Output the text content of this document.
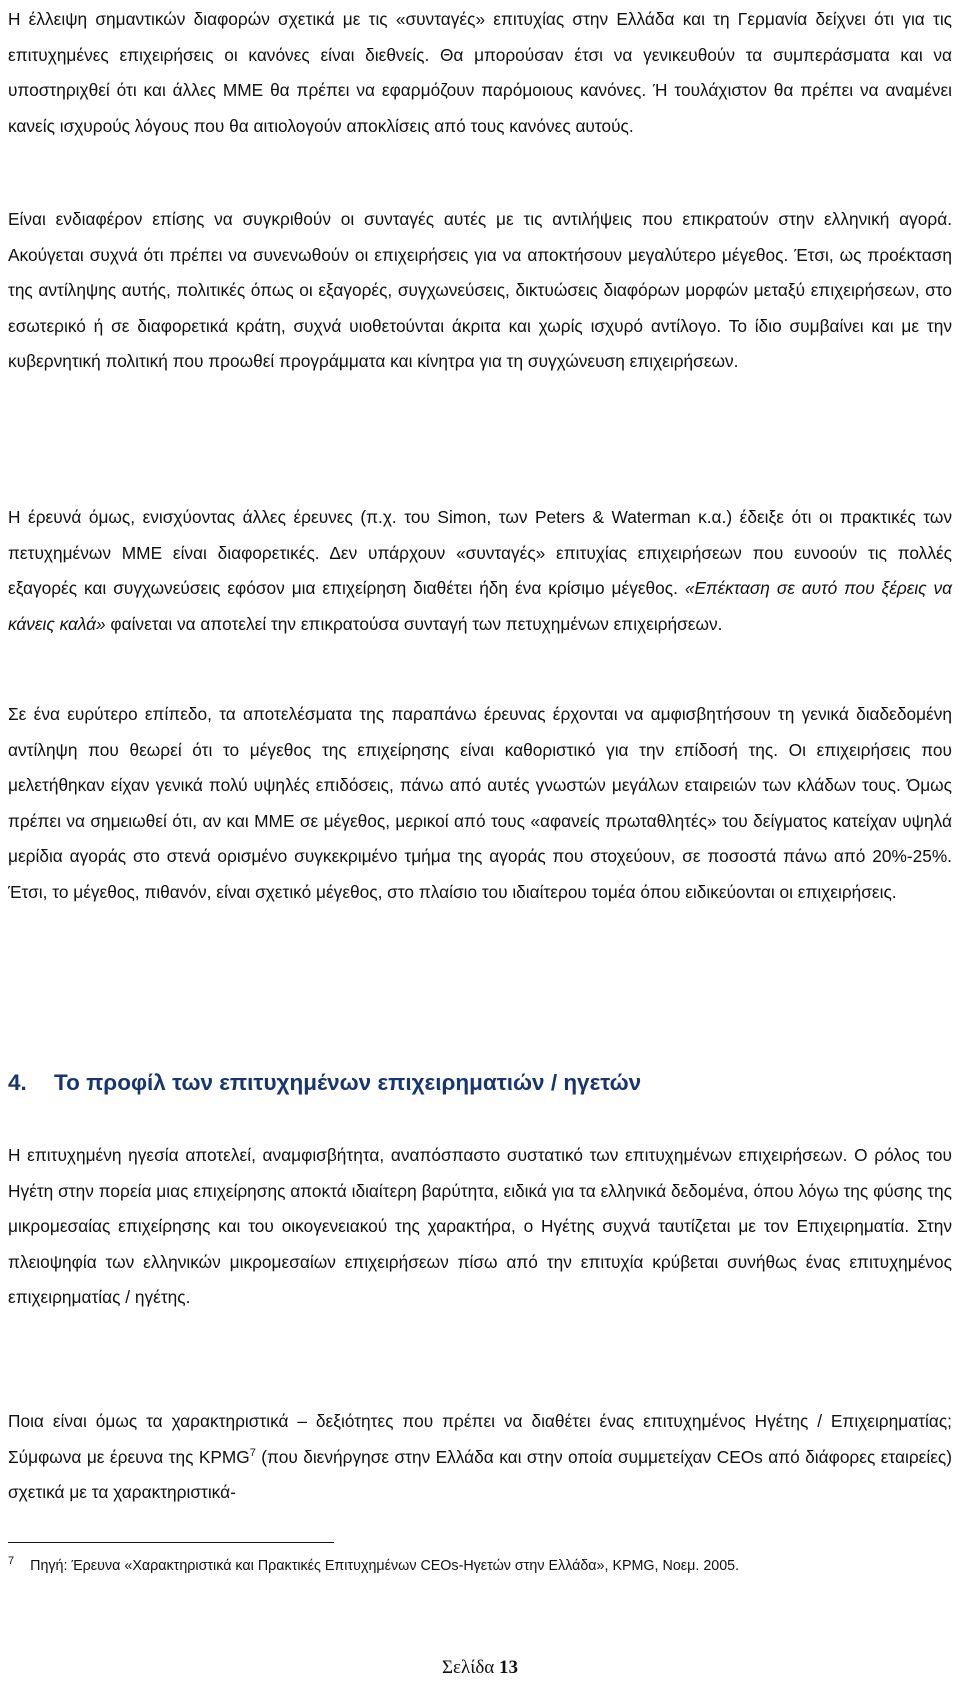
Η έλλειψη σημαντικών διαφορών σχετικά με τις «συνταγές» επιτυχίας στην Ελλάδα και τη Γερμανία δείχνει ότι για τις επιτυχημένες επιχειρήσεις οι κανόνες είναι διεθνείς. Θα μπορούσαν έτσι να γενικευθούν τα συμπεράσματα και να υποστηριχθεί ότι και άλλες ΜΜΕ θα πρέπει να εφαρμόζουν παρόμοιους κανόνες. Ή τουλάχιστον θα πρέπει να αναμένει κανείς ισχυρούς λόγους που θα αιτιολογούν αποκλίσεις από τους κανόνες αυτούς.

Είναι ενδιαφέρον επίσης να συγκριθούν οι συνταγές αυτές με τις αντιλήψεις που επικρατούν στην ελληνική αγορά. Ακούγεται συχνά ότι πρέπει να συνενωθούν οι επιχειρήσεις για να αποκτήσουν μεγαλύτερο μέγεθος. Έτσι, ως προέκταση της αντίληψης αυτής, πολιτικές όπως οι εξαγορές, συγχωνεύσεις, δικτυώσεις διαφόρων μορφών μεταξύ επιχειρήσεων, στο εσωτερικό ή σε διαφορετικά κράτη, συχνά υιοθετούνται άκριτα και χωρίς ισχυρό αντίλογο. Το ίδιο συμβαίνει και με την κυβερνητική πολιτική που προωθεί προγράμματα και κίνητρα για τη συγχώνευση επιχειρήσεων.

Η έρευνά όμως, ενισχύοντας άλλες έρευνες (π.χ. του Simon, των Peters & Waterman κ.α.) έδειξε ότι οι πρακτικές των πετυχημένων ΜΜΕ είναι διαφορετικές. Δεν υπάρχουν «συνταγές» επιτυχίας επιχειρήσεων που ευνοούν τις πολλές εξαγορές και συγχωνεύσεις εφόσον μια επιχείρηση διαθέτει ήδη ένα κρίσιμο μέγεθος. «Επέκταση σε αυτό που ξέρεις να κάνεις καλά» φαίνεται να αποτελεί την επικρατούσα συνταγή των πετυχημένων επιχειρήσεων.

Σε ένα ευρύτερο επίπεδο, τα αποτελέσματα της παραπάνω έρευνας έρχονται να αμφισβητήσουν τη γενικά διαδεδομένη αντίληψη που θεωρεί ότι το μέγεθος της επιχείρησης είναι καθοριστικό για την επίδοσή της. Οι επιχειρήσεις που μελετήθηκαν είχαν γενικά πολύ υψηλές επιδόσεις, πάνω από αυτές γνωστών μεγάλων εταιρειών των κλάδων τους. Όμως πρέπει να σημειωθεί ότι, αν και ΜΜΕ σε μέγεθος, μερικοί από τους «αφανείς πρωταθλητές» του δείγματος κατείχαν υψηλά μερίδια αγοράς στο στενά ορισμένο συγκεκριμένο τμήμα της αγοράς που στοχεύουν, σε ποσοστά πάνω από 20%-25%. Έτσι, το μέγεθος, πιθανόν, είναι σχετικό μέγεθος, στο πλαίσιο του ιδιαίτερου τομέα όπου ειδικεύονται οι επιχειρήσεις.

4. Το προφίλ των επιτυχημένων επιχειρηματιών / ηγετών

Η επιτυχημένη ηγεσία αποτελεί, αναμφισβήτητα, αναπόσπαστο συστατικό των επιτυχημένων επιχειρήσεων. Ο ρόλος του Ηγέτη στην πορεία μιας επιχείρησης αποκτά ιδιαίτερη βαρύτητα, ειδικά για τα ελληνικά δεδομένα, όπου λόγω της φύσης της μικρομεσαίας επιχείρησης και του οικογενειακού της χαρακτήρα, ο Ηγέτης συχνά ταυτίζεται με τον Επιχειρηματία. Στην πλειοψηφία των ελληνικών μικρομεσαίων επιχειρήσεων πίσω από την επιτυχία κρύβεται συνήθως ένας επιτυχημένος επιχειρηματίας / ηγέτης.

Ποια είναι όμως τα χαρακτηριστικά – δεξιότητες που πρέπει να διαθέτει ένας επιτυχημένος Ηγέτης / Επιχειρηματίας; Σύμφωνα με έρευνα της KPMG$^7$ (που διενήργησε στην Ελλάδα και στην οποία συμμετείχαν CEOs από διάφορες εταιρείες) σχετικά με τα χαρακτηριστικά-

$^7$ Πηγή: Έρευνα «Χαρακτηριστικά και Πρακτικές Επιτυχημένων CEOs-Ηγετών στην Ελλάδα», KPMG, Νοεμ. 2005.

Σελίδα 13
